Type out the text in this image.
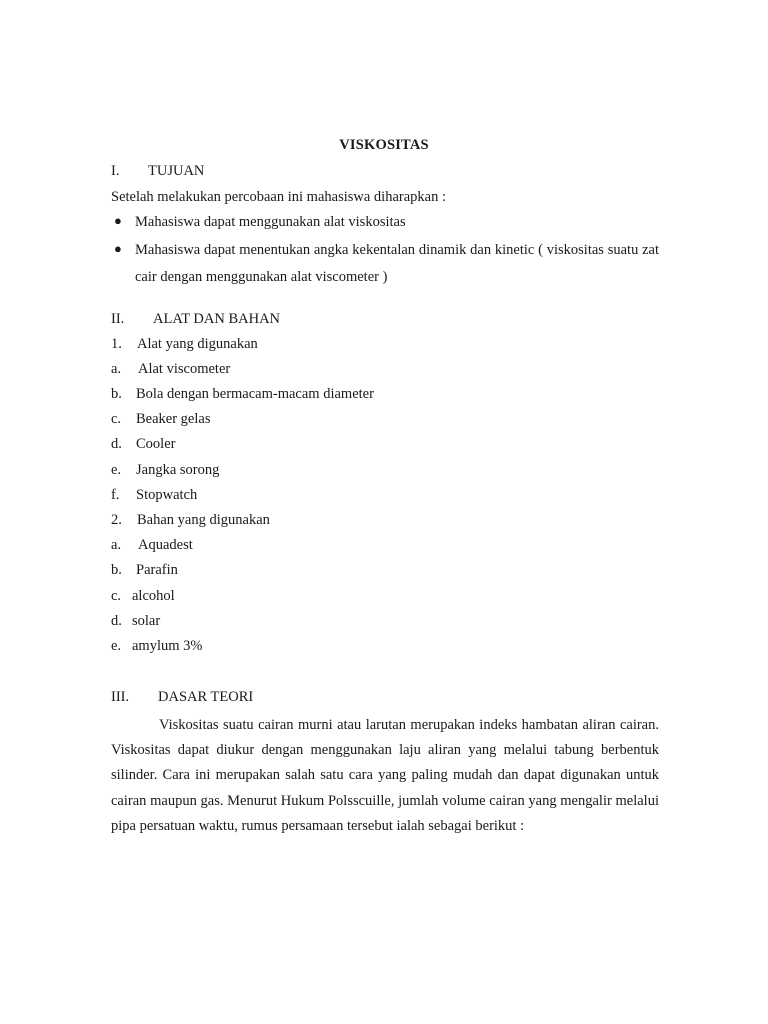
VISKOSITAS
I. TUJUAN
Setelah melakukan percobaan ini mahasiswa diharapkan :
● Mahasiswa dapat menggunakan alat viskositas
● Mahasiswa dapat menentukan angka kekentalan dinamik dan kinetic ( viskositas suatu zat cair dengan menggunakan alat viscometer )
II. ALAT DAN BAHAN
1. Alat yang digunakan
a. Alat viscometer
b. Bola dengan bermacam-macam diameter
c. Beaker gelas
d. Cooler
e. Jangka sorong
f. Stopwatch
2. Bahan yang digunakan
a. Aquadest
b. Parafin
c. alcohol
d. solar
e. amylum 3%
III. DASAR TEORI
Viskositas suatu cairan murni atau larutan merupakan indeks hambatan aliran cairan. Viskositas dapat diukur dengan menggunakan laju aliran yang melalui tabung berbentuk silinder. Cara ini merupakan salah satu cara yang paling mudah dan dapat digunakan untuk cairan maupun gas. Menurut Hukum Polsscuille, jumlah volume cairan yang mengalir melalui pipa persatuan waktu, rumus persamaan tersebut ialah sebagai berikut :
